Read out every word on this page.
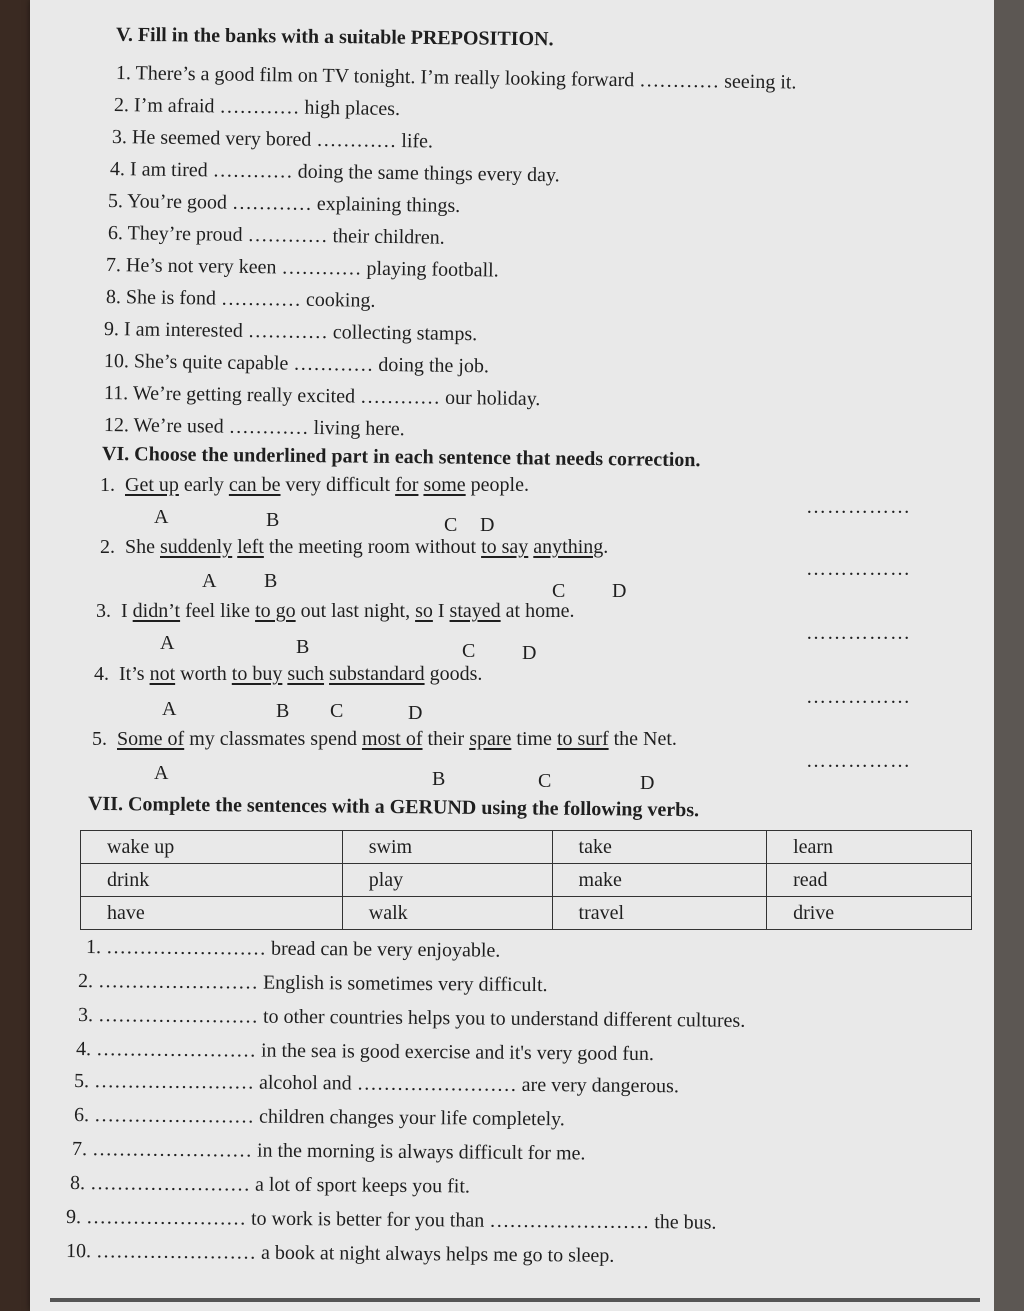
V. Fill in the banks with a suitable PREPOSITION.
1. There’s a good film on TV tonight. I’m really looking forward ………… seeing it.
2. I’m afraid ………… high places.
3. He seemed very bored ………… life.
4. I am tired ………… doing the same things every day.
5. You’re good ………… explaining things.
6. They’re proud ………… their children.
7. He’s not very keen ………… playing football.
8. She is fond ………… cooking.
9. I am interested ………… collecting stamps.
10. She’s quite capable ………… doing the job.
11. We’re getting really excited ………… our holiday.
12. We’re used ………… living here.
VI. Choose the underlined part in each sentence that needs correction.
1. Get up early can be very difficult for some people.
……………
A	B	C D
2. She suddenly left the meeting room without to say anything.
……………
A B	C D
3. I didn’t feel like to go out last night, so I stayed at home.
……………
A	B	C D
4. It’s not worth to buy such substandard goods.
……………
A	B C	D
5. Some of my classmates spend most of their spare time to surf the Net.
……………
A	B	C	D
VII. Complete the sentences with a GERUND using the following verbs.
wake up	swim	take	learn
drink	play	make	read
have	walk	travel	drive
1. …………………… bread can be very enjoyable.
2. …………………… English is sometimes very difficult.
3. …………………… to other countries helps you to understand different cultures.
4. …………………… in the sea is good exercise and it's very good fun.
5. …………………… alcohol and …………………… are very dangerous.
6. …………………… children changes your life completely.
7. …………………… in the morning is always difficult for me.
8. …………………… a lot of sport keeps you fit.
9. …………………… to work is better for you than …………………… the bus.
10. …………………… a book at night always helps me go to sleep.
